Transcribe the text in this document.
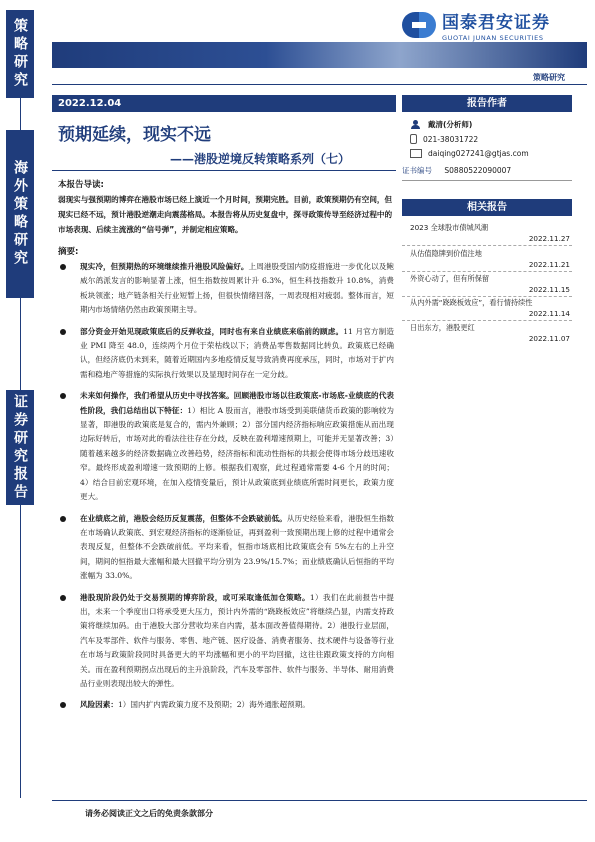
策略研究
海外策略研究
证券研究报告
国泰君安证券
GUOTAI JUNAN SECURITIES
策略研究
2022.12.04
预期延续，现实不远
——港股逆境反转策略系列（七）
本报告导读:
弱现实与强预期的博弈在港股市场已经上演近一个月时间，预期完胜。目前，政策预期仍有空间，但现实已经不远，预计港股逆潮走向震荡格局。本报告将从历史复盘中，探寻政策传导至经济过程中的市场表现、后续主流涨的“信号弹”，并制定相应策略。
摘要:
现实冷，但预期热的环境继续推升港股风险偏好。上周港股受国内防疫措施进一步优化以及鲍威尔鸽派发言的影响显著上涨，恒生指数按周累计升 6.3%，恒生科技指数升 10.8%，消费板块领涨；地产链条相关行业短暂上扬，但很快情绪回落，一周表现相对疲弱。整体而言，短期内市场情绪仍然由政策预期主导。
部分资金开始见现政策底后的反弹收益，同时也有来自业绩底来临前的顾虑。11 月官方制造业 PMI 降至 48.0，连续两个月位于荣枯线以下；消费品零售数据同比转负。政策底已经确认，但经济底仍未到来，随着近期国内多地疫情反复导致消费再度承压，同时，市场对于扩内需和稳地产等措施的实际执行效果以及显现时间存在一定分歧。
未来如何操作，我们希望从历史中寻找答案。回顾港股市场以往政策底-市场底-业绩底的代表性阶段，我们总结出以下特征：1）相比 A 股而言，港股市场受到美联储货币政策的影响较为显著，即港股的政策底是复合的，需内外兼顾；2）部分国内经济指标响应政策措施从而出现边际好转后，市场对此的看法往往存在分歧，反映在盈利增速预期上，可能并无显著改善；3）随着越来越多的经济数据确立改善趋势，经济指标和流动性指标的共振会使得市场分歧迅速收窄。最终形成盈利增速一致预期的上修。根据我们观察，此过程通常需要 4-6 个月的时间；4）结合目前宏观环境，在加入疫情变量后，预计从政策底到业绩底所需时间更长，政策力度更大。
在业绩底之前，港股会经历反复震荡，但整体不会跌破前低。从历史经验来看，港股恒生指数在市场确认政策底、到宏观经济指标的逐渐验证，再到盈利一致预期出现上修的过程中通常会表现反复，但整体不会跌破前低。平均来看，恒指市场底相比政策底会有 5%左右的上升空间，期间的恒指最大涨幅和最大回撤平均分别为 23.9%/15.7%；而业绩底确认后恒指的平均涨幅为 33.0%。
港股现阶段仍处于交易预期的博弈阶段，或可采取逢低加仓策略。1）我们在此前报告中提出，未来一个季度出口将承受更大压力，预计内外需的“跷跷板效应”将继续凸显，内需支持政策将继续加码。由于港股大部分营收均来自内需，基本面改善值得期待。2）港股行业层面，汽车及零部件、软件与服务、零售、地产链、医疗设备、消费者服务、技术硬件与设备等行业在市场与政策阶段同时具备更大的平均涨幅和更小的平均回撤，这往往跟政策支持的方向相关。而在盈利预期拐点出现后的主升浪阶段，汽车及零部件、软件与服务、半导体、耐用消费品行业则表现出较大的弹性。
风险因素：1）国内扩内需政策力度不及预期；2）海外通胀超预期。
报告作者
戴清(分析师)
021-38031722
daiqing027241@gtjas.com
证书编号 S0880522090007
相关报告
2023 全球股市债城风潮
2022.11.27
从估值隐牌到价值注地
2022.11.21
外资心动了，但有所保留
2022.11.15
从内外需“跷跷板效应”，看行情持续性
2022.11.14
日出东方，港股更红
2022.11.07
请务必阅读正文之后的免责条款部分
